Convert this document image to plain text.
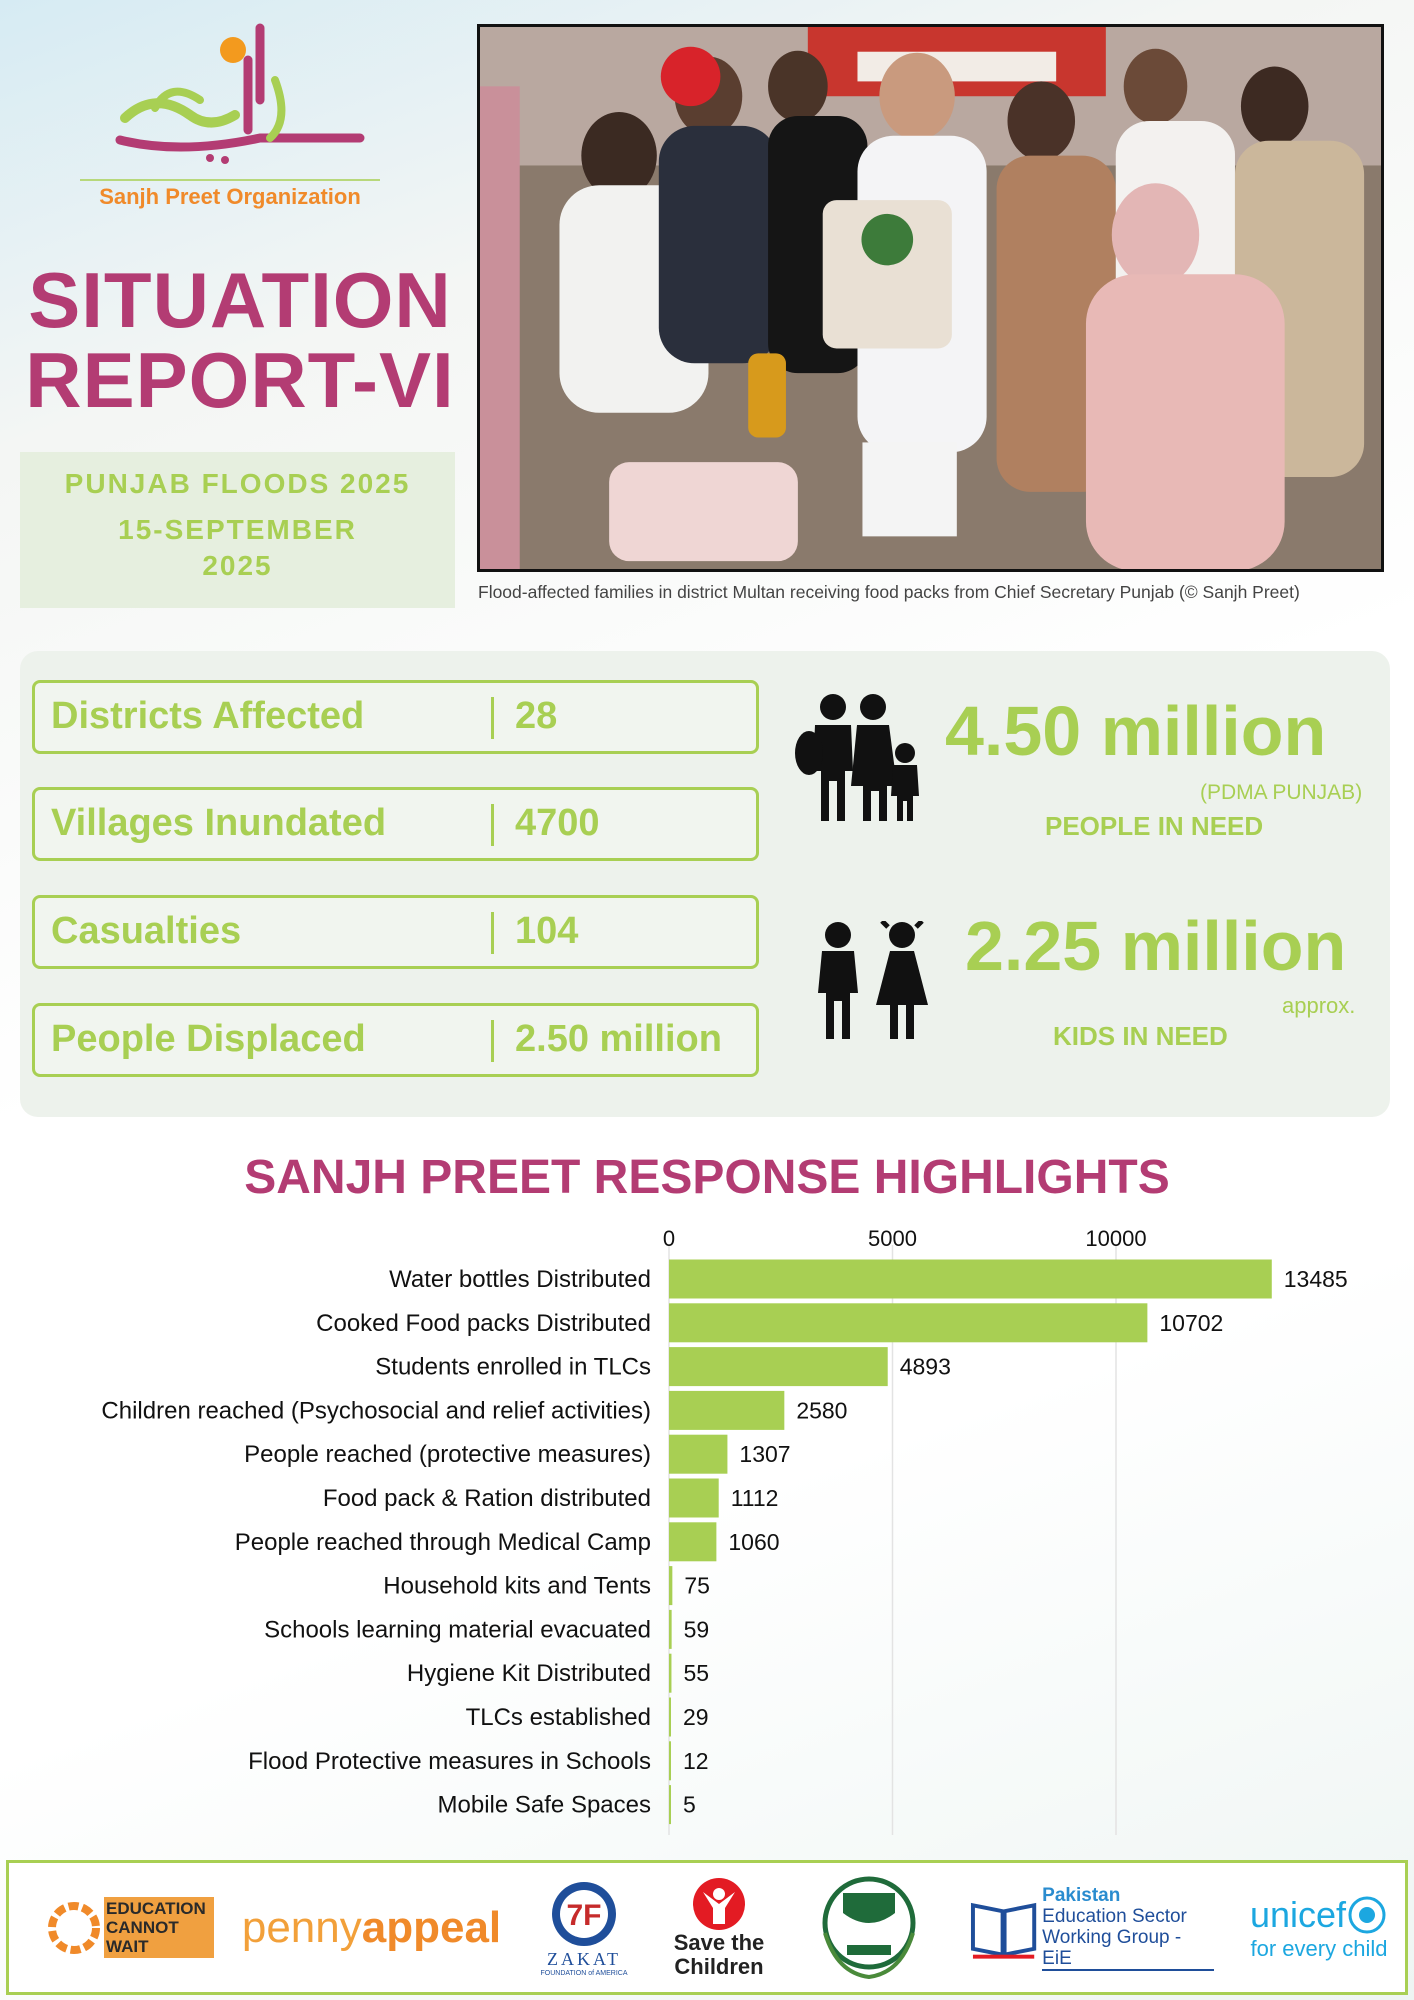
Sanjh Preet Organization
SITUATION
REPORT-VI
PUNJAB FLOODS 2025
15-SEPTEMBER
2025
Flood-affected families in district Multan receiving food packs from Chief Secretary Punjab (© Sanjh Preet)
Districts Affected	28
Villages Inundated	4700
Casualties	104
People Displaced	2.50 million
4.50 million
(PDMA PUNJAB)
PEOPLE IN NEED
2.25 million
approx.
KIDS IN NEED
SANJH PREET RESPONSE HIGHLIGHTS
0	5000	10000
Water bottles Distributed	13485
Cooked Food packs Distributed	10702
Students enrolled in TLCs	4893
Children reached (Psychosocial and relief activities)	2580
People reached (protective measures)	1307
Food pack & Ration distributed	1112
People reached through Medical Camp	1060
Household kits and Tents 75
Schools learning material evacuated 59
Hygiene Kit Distributed 55
TLCs established 29
Flood Protective measures in Schools 12
Mobile Safe Spaces 5
EDUCATION CANNOT WAIT	penny appeal 7F
ZAKAT
FOUNDATION of AMERICA
Save the
Children
Pakistan
Education Sector
Working Group - EiE
unicef
for every child
